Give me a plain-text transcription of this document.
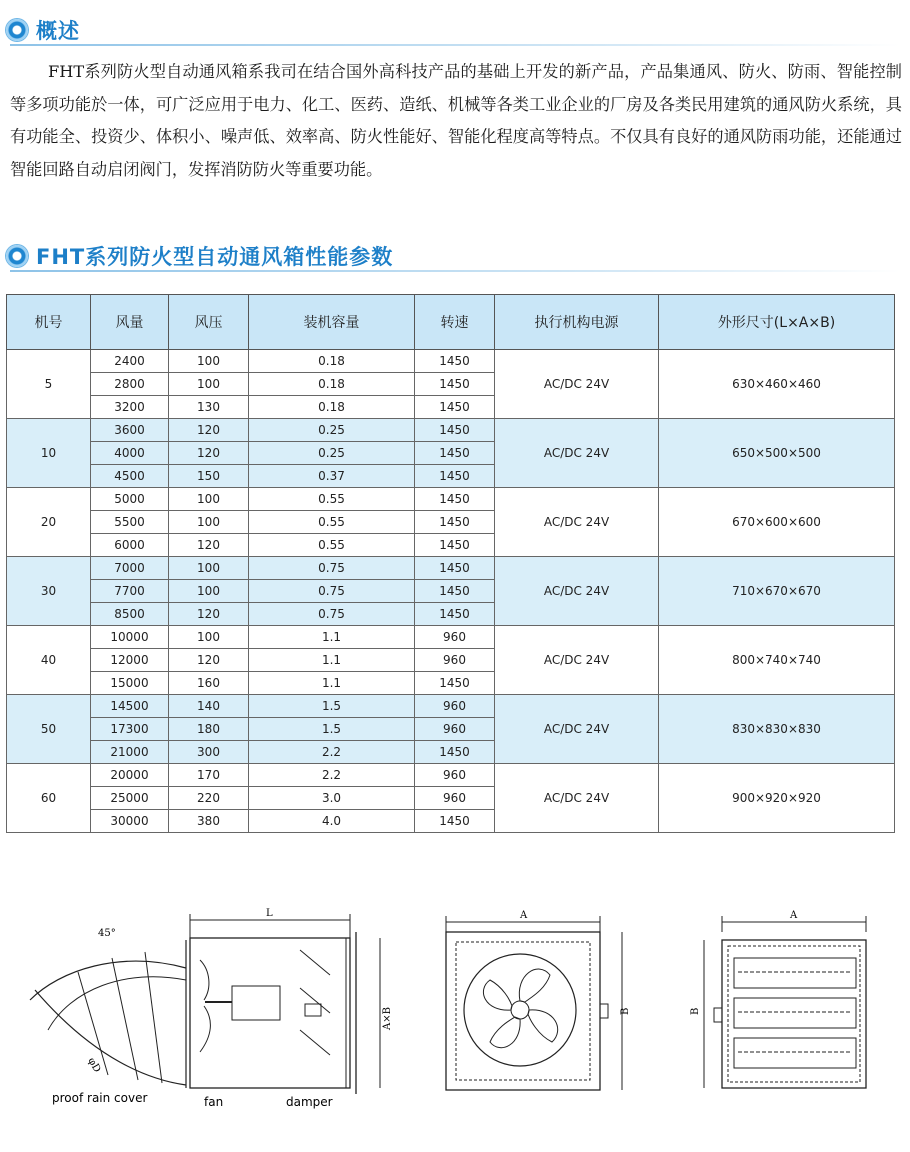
概述
FHT系列防火型自动通风箱系我司在结合国外高科技产品的基础上开发的新产品，产品集通风、防火、防雨、智能控制等多项功能於一体，可广泛应用于电力、化工、医药、造纸、机械等各类工业企业的厂房及各类民用建筑的通风防火系统，具有功能全、投资少、体积小、噪声低、效率高、防火性能好、智能化程度高等特点。不仅具有良好的通风防雨功能，还能通过智能回路自动启闭阀门，发挥消防防火等重要功能。
FHT系列防火型自动通风箱性能参数
机号	风量	风压	装机容量	转速	执行机构电源	外形尺寸(L×A×B)
5	2400	100	0.18	1450	AC/DC 24V	630×460×460
	2800	100	0.18	1450		
	3200	130	0.18	1450		
10	3600	120	0.25	1450	AC/DC 24V	650×500×500
	4000	120	0.25	1450		
	4500	150	0.37	1450		
20	5000	100	0.55	1450	AC/DC 24V	670×600×600
	5500	100	0.55	1450		
	6000	120	0.55	1450		
30	7000	100	0.75	1450	AC/DC 24V	710×670×670
	7700	100	0.75	1450		
	8500	120	0.75	1450		
40	10000	100	1.1	960	AC/DC 24V	800×740×740
	12000	120	1.1	960		
	15000	160	1.1	1450		
50	14500	140	1.5	960	AC/DC 24V	830×830×830
	17300	180	1.5	960		
	21000	300	2.2	1450		
60	20000	170	2.2	960	AC/DC 24V	900×920×920
	25000	220	3.0	960		
	30000	380	4.0	1450		
45°
L
A×B
φD
proof rain cover	fan	damper
A
B
A
B
